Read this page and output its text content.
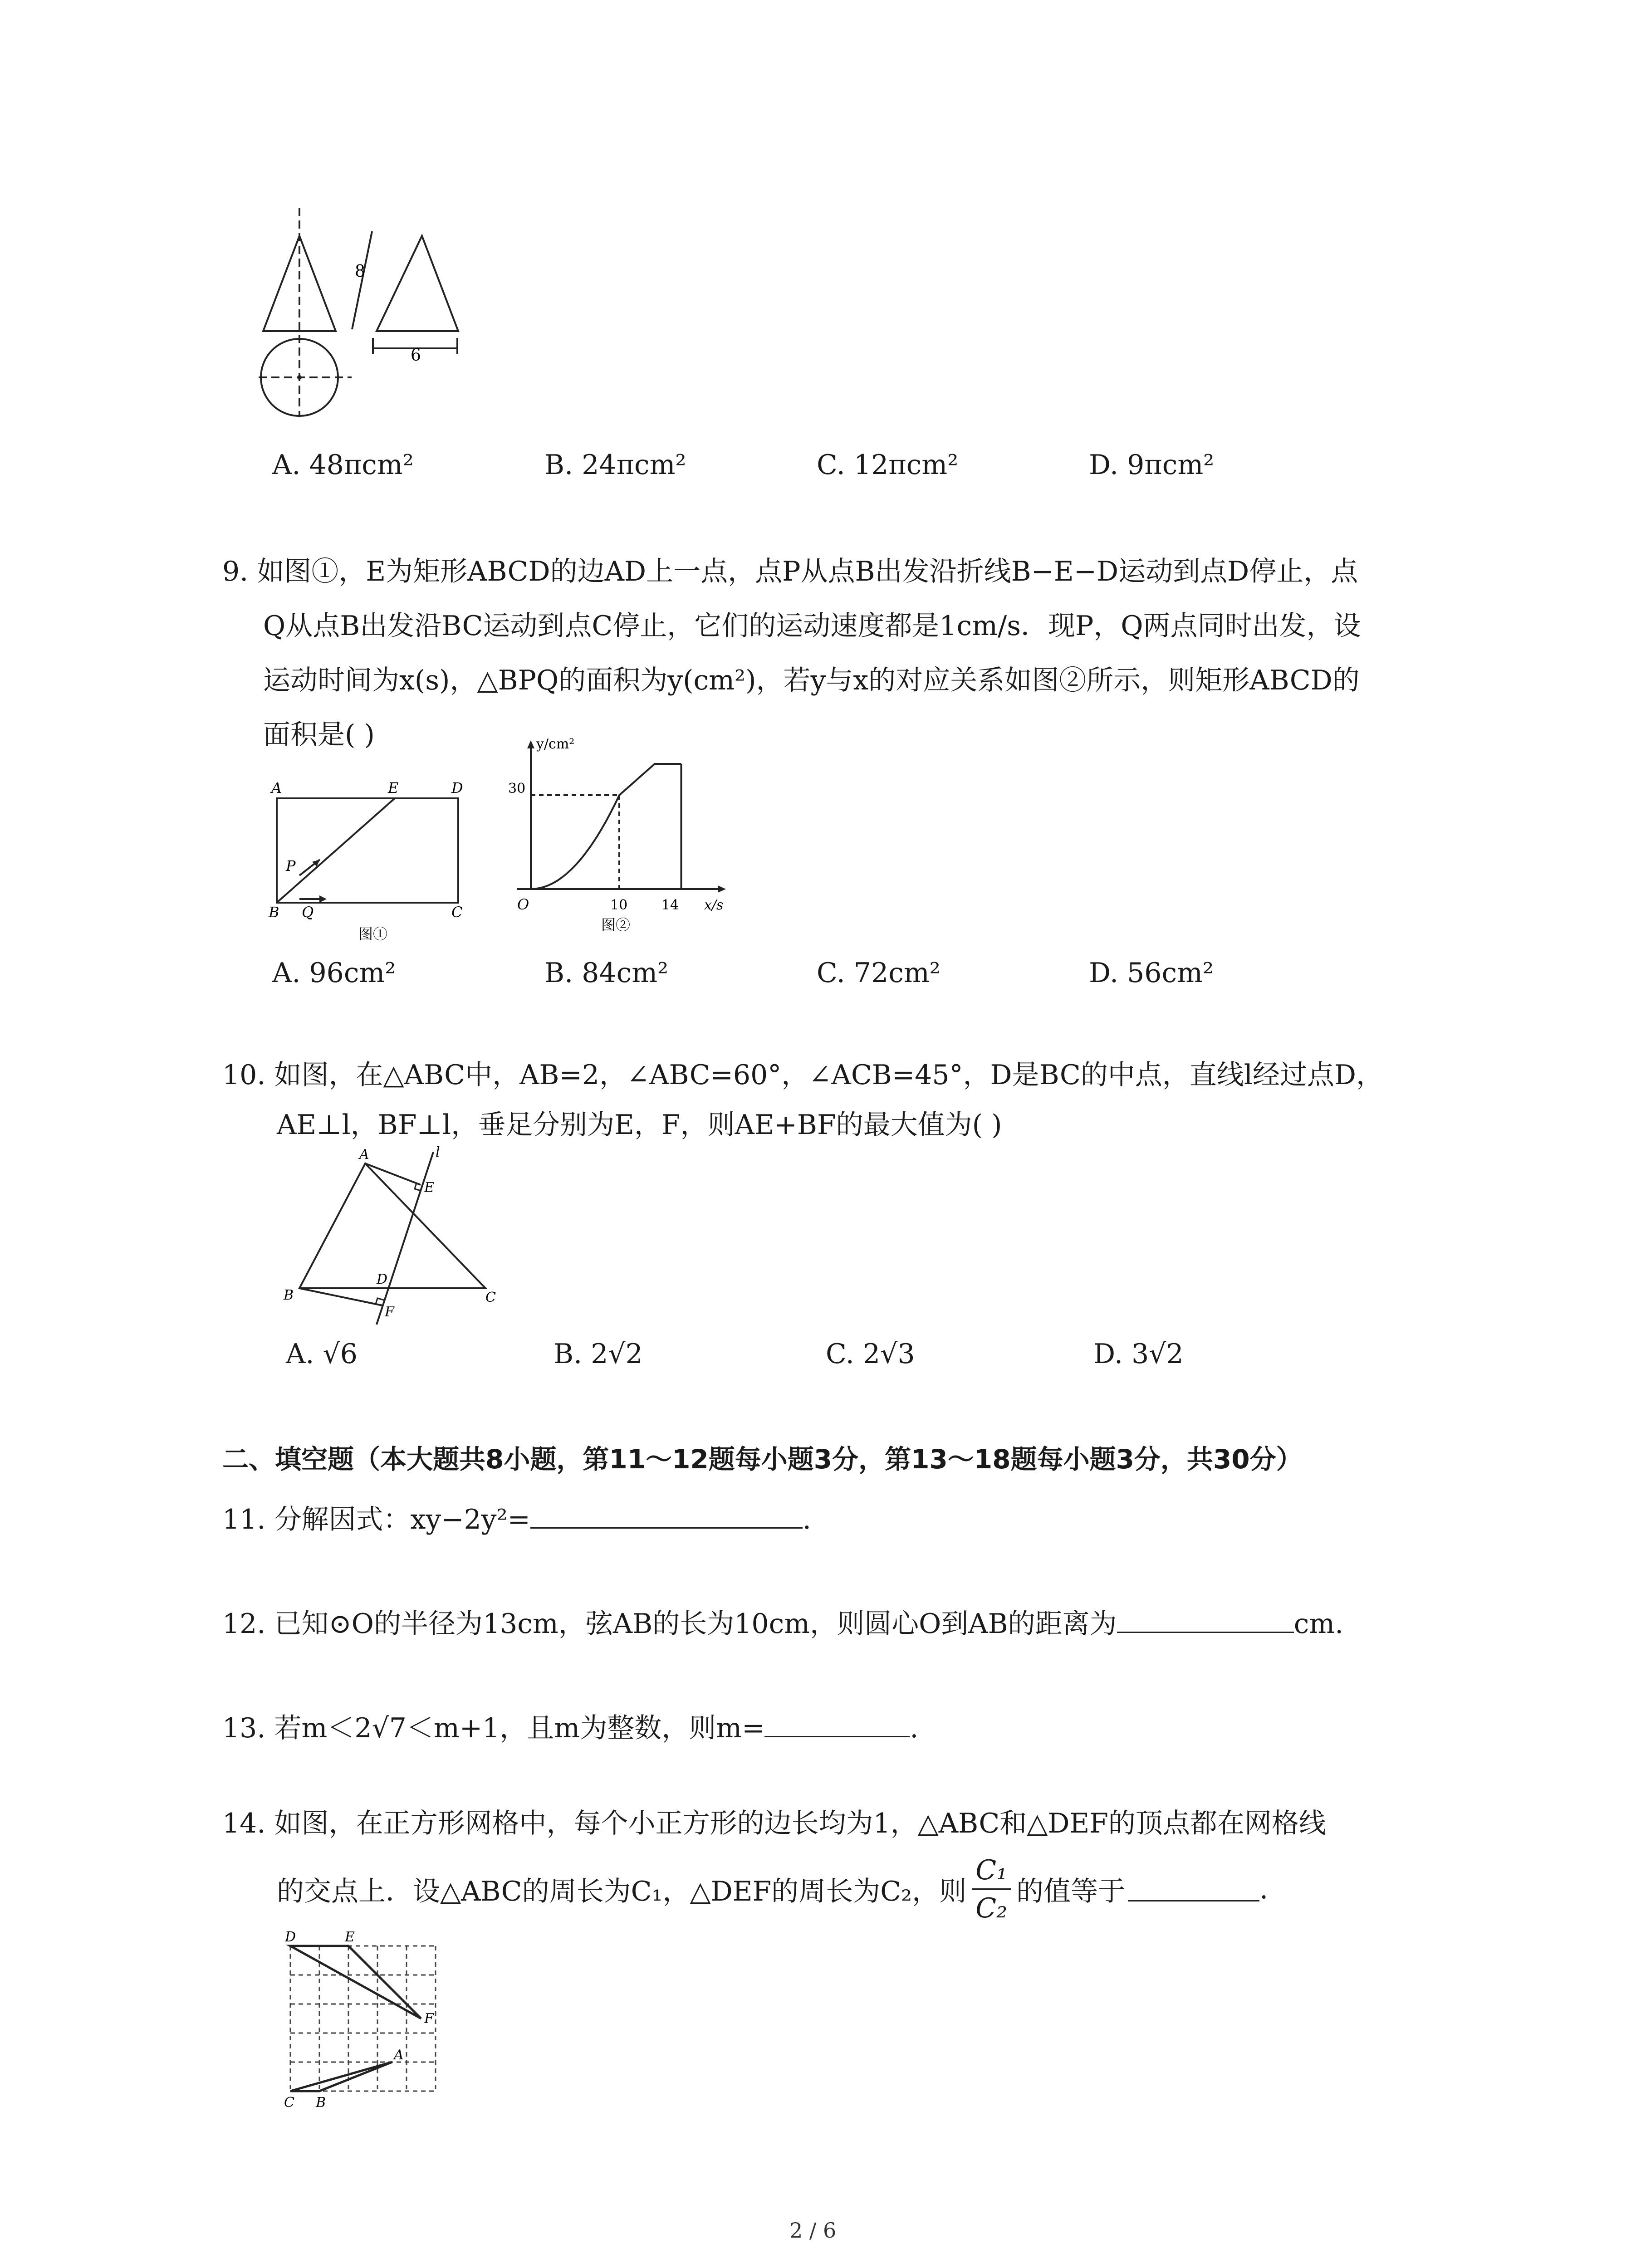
8
6
A. 48πcm²	B. 24πcm²	C. 12πcm²	D. 9πcm²
9. 如图①，E为矩形ABCD的边AD上一点，点P从点B出发沿折线B−E−D运动到点D停止，点
Q从点B出发沿BC运动到点C停止，它们的运动速度都是1cm/s．现P，Q两点同时出发，设
运动时间为x(s)，△BPQ的面积为y(cm²)，若y与x的对应关系如图②所示，则矩形ABCD的
面积是( )
A	E	D
B	C
P
Q
图①
y/cm²
x/s
O
30
10 14
图②
A. 96cm²	B. 84cm²	C. 72cm²	D. 56cm²
10. 如图，在△ABC中，AB=2，∠ABC=60°，∠ACB=45°，D是BC的中点，直线l经过点D，
AE⊥l，BF⊥l，垂足分别为E，F，则AE+BF的最大值为( )
A	l
E
D
B	C
F
A. √6	B. 2√2	C. 2√3	D. 3√2
二、填空题（本大题共8小题，第11～12题每小题3分，第13～18题每小题3分，共30分）
11. 分解因式：xy−2y²=	.
12. 已知⊙O的半径为13cm，弦AB的长为10cm，则圆心O到AB的距离为	cm.
13. 若m＜2√7＜m+1，且m为整数，则m=	.
14. 如图，在正方形网格中，每个小正方形的边长均为1，△ABC和△DEF的顶点都在网格线
的交点上．设△ABC的周长为C₁，△DEF的周长为C₂，则 $\frac{\text{C₁}}{\text{C₂}}$ 的值等于	.
D	E
F
A
C B
2 / 6
